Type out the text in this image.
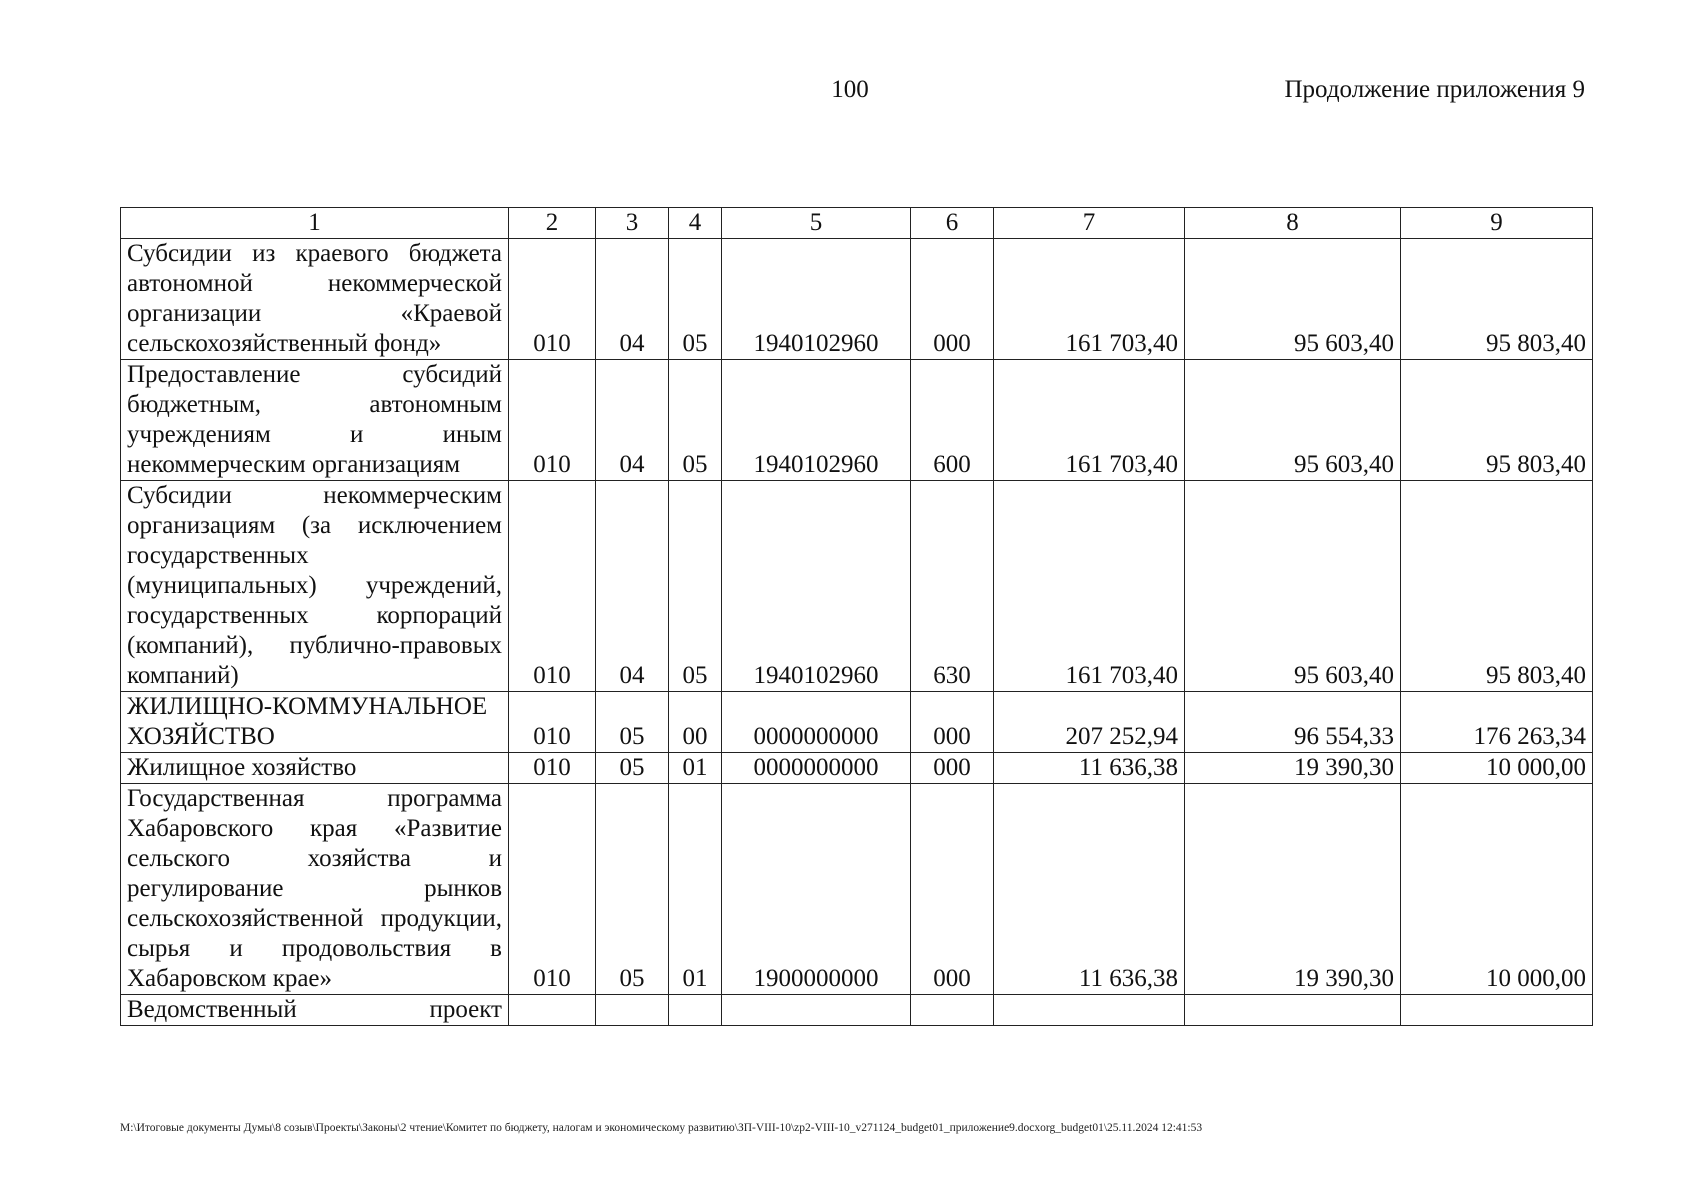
100	Продолжение приложения 9
1	2	3	4	5	6	7	8	9
Субсидии из краевого бюджета автономной некоммерческой организации «Краевой сельскохозяйственный фонд»	010	04	05	1940102960	000	161 703,40	95 603,40	95 803,40
Предоставление субсидий бюджетным, автономным учреждениям и иным некоммерческим организациям	010	04	05	1940102960	600	161 703,40	95 603,40	95 803,40
Субсидии некоммерческим организациям (за исключением государственных (муниципальных) учреждений, государственных корпораций (компаний), публично-правовых компаний)	010	04	05	1940102960	630	161 703,40	95 603,40	95 803,40
ЖИЛИЩНО-КОММУНАЛЬНОЕ ХОЗЯЙСТВО	010	05	00	0000000000	000	207 252,94	96 554,33	176 263,34
Жилищное хозяйство	010	05	01	0000000000	000	11 636,38	19 390,30	10 000,00
Государственная программа Хабаровского края «Развитие сельского хозяйства и регулирование рынков сельскохозяйственной продукции, сырья и продовольствия в Хабаровском крае»	010	05	01	1900000000	000	11 636,38	19 390,30	10 000,00
Ведомственный проект								
M:\Итоговые документы Думы\8 созыв\Проекты\Законы\2 чтение\Комитет по бюджету, налогам и экономическому развитию\ЗП-VIII-10\zp2-VIII-10_v271124_budget01_приложение9.docxorg_budget01\25.11.2024 12:41:53
